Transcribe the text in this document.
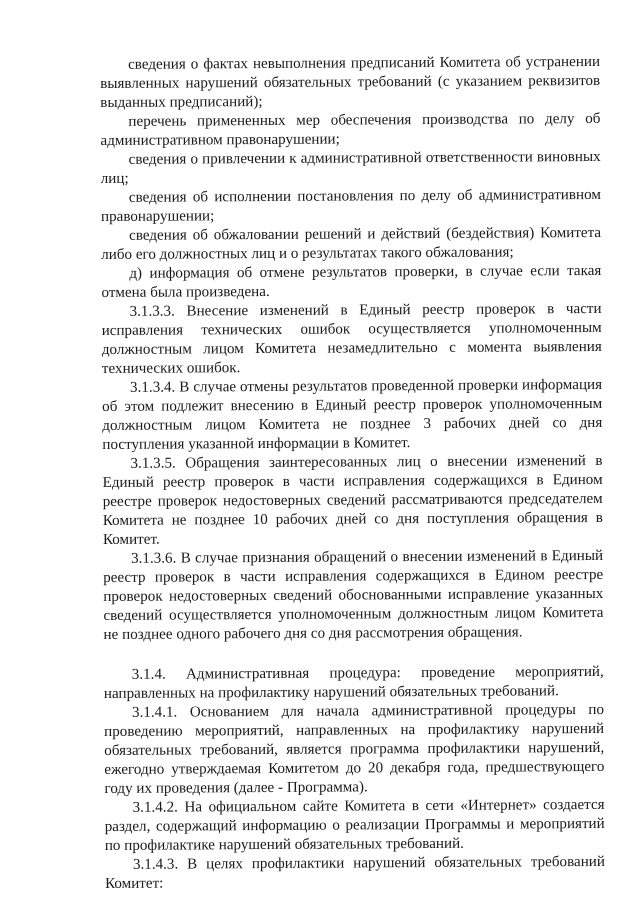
сведения о фактах невыполнения предписаний Комитета об устранении выявленных нарушений обязательных требований (с указанием реквизитов выданных предписаний);

перечень примененных мер обеспечения производства по делу об административном правонарушении;

сведения о привлечении к административной ответственности виновных лиц;

сведения об исполнении постановления по делу об административном правонарушении;

сведения об обжаловании решений и действий (бездействия) Комитета либо его должностных лиц и о результатах такого обжалования;

д) информация об отмене результатов проверки, в случае если такая отмена была произведена.

3.1.3.3. Внесение изменений в Единый реестр проверок в части исправления технических ошибок осуществляется уполномоченным должностным лицом Комитета незамедлительно с момента выявления технических ошибок.

3.1.3.4. В случае отмены результатов проведенной проверки информация об этом подлежит внесению в Единый реестр проверок уполномоченным должностным лицом Комитета не позднее 3 рабочих дней со дня поступления указанной информации в Комитет.

3.1.3.5. Обращения заинтересованных лиц о внесении изменений в Единый реестр проверок в части исправления содержащихся в Едином реестре проверок недостоверных сведений рассматриваются председателем Комитета не позднее 10 рабочих дней со дня поступления обращения в Комитет.

3.1.3.6. В случае признания обращений о внесении изменений в Единый реестр проверок в части исправления содержащихся в Едином реестре проверок недостоверных сведений обоснованными исправление указанных сведений осуществляется уполномоченным должностным лицом Комитета не позднее одного рабочего дня со дня рассмотрения обращения.

3.1.4. Административная процедура: проведение мероприятий, направленных на профилактику нарушений обязательных требований.

3.1.4.1. Основанием для начала административной процедуры по проведению мероприятий, направленных на профилактику нарушений обязательных требований, является программа профилактики нарушений, ежегодно утверждаемая Комитетом до 20 декабря года, предшествующего году их проведения (далее - Программа).

3.1.4.2. На официальном сайте Комитета в сети «Интернет» создается раздел, содержащий информацию о реализации Программы и мероприятий по профилактике нарушений обязательных требований.

3.1.4.3. В целях профилактики нарушений обязательных требований Комитет:
